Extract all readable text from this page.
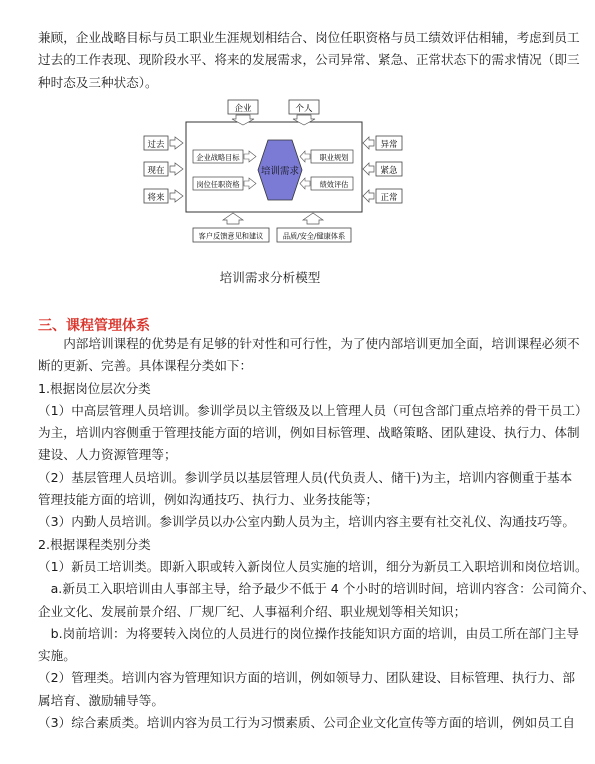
兼顾，企业战略目标与员工职业生涯规划相结合、岗位任职资格与员工绩效评估相辅，考虑到员工
过去的工作表现、现阶段水平、将来的发展需求，公司异常、紧急、正常状态下的需求情况（即三
种时态及三种状态）。
企业	个人
过去
现在
将来
异常
紧急
正常
企业战略目标
岗位任职资格
培训需求
职业规划
绩效评估
客户反馈意见和建议	品质/安全/健康体系
培训需求分析模型
三、课程管理体系
　　内部培训课程的优势是有足够的针对性和可行性，为了使内部培训更加全面，培训课程必须不
断的更新、完善。具体课程分类如下：
1.根据岗位层次分类
（1）中高层管理人员培训。参训学员以主管级及以上管理人员（可包含部门重点培养的骨干员工）
为主，培训内容侧重于管理技能方面的培训，例如目标管理、战略策略、团队建设、执行力、体制
建设、人力资源管理等；
（2）基层管理人员培训。参训学员以基层管理人员(代负责人、储干)为主，培训内容侧重于基本
管理技能方面的培训，例如沟通技巧、执行力、业务技能等；
（3）内勤人员培训。参训学员以办公室内勤人员为主，培训内容主要有社交礼仪、沟通技巧等。
2.根据课程类别分类
（1）新员工培训类。即新入职或转入新岗位人员实施的培训，细分为新员工入职培训和岗位培训。
　a.新员工入职培训由人事部主导，给予最少不低于 4 个小时的培训时间，培训内容含：公司简介、
企业文化、发展前景介绍、厂规厂纪、人事福利介绍、职业规划等相关知识；
　b.岗前培训：为将要转入岗位的人员进行的岗位操作技能知识方面的培训，由员工所在部门主导
实施。
（2）管理类。培训内容为管理知识方面的培训，例如领导力、团队建设、目标管理、执行力、部
属培育、激励辅导等。
（3）综合素质类。培训内容为员工行为习惯素质、公司企业文化宣传等方面的培训，例如员工自
